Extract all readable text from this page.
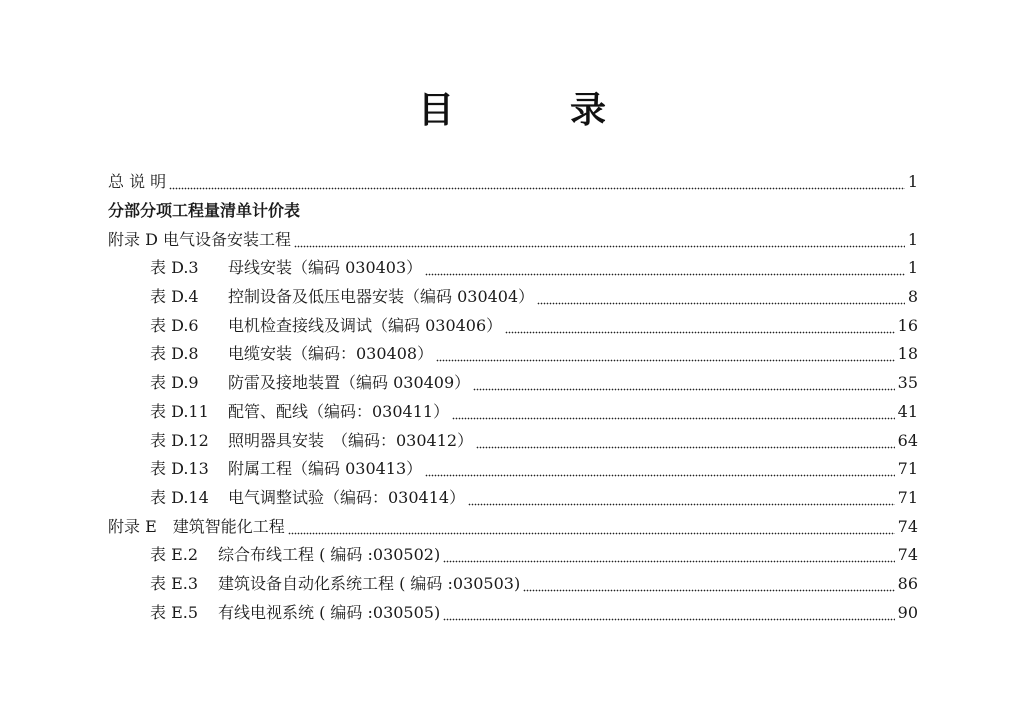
目　录
总 说 明	1
分部分项工程量清单计价表
附录 D 电气设备安装工程	1
表 D.3	母线安装（编码 030403）	1
表 D.4	控制设备及低压电器安装（编码 030404）	8
表 D.6	电机检查接线及调试（编码 030406）	16
表 D.8	电缆安装（编码：030408）	18
表 D.9	防雷及接地装置（编码 030409）	35
表 D.11	配管、配线（编码：030411）	41
表 D.12	照明器具安装　（编码：030412）	64
表 D.13	附属工程（编码 030413）	71
表 D.14	电气调整试验（编码：030414）	71
附录 E　建筑智能化工程	74
表 E.2	综合布线工程 ( 编码 :030502)	74
表 E.3	建筑设备自动化系统工程 ( 编码 :030503)	86
表 E.5	有线电视系统 ( 编码 :030505)	90
